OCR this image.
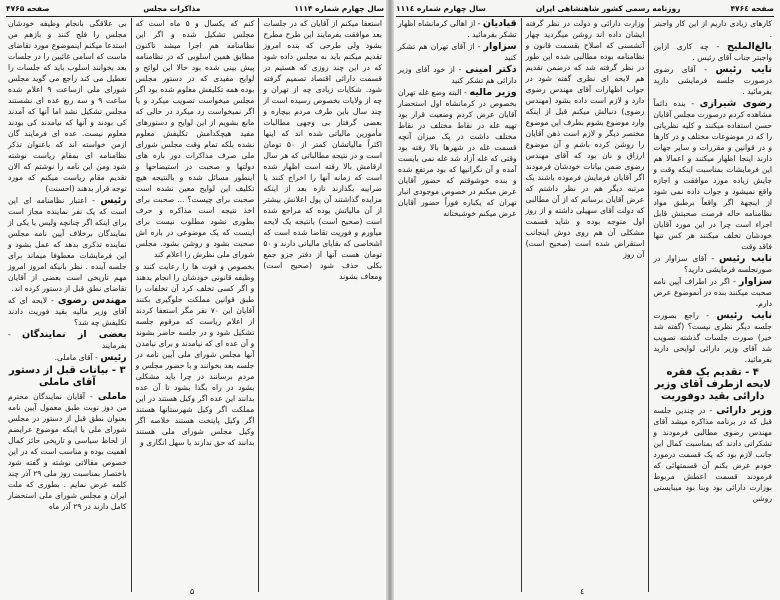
سال چهارم شماره ۱۱۱۴
مذاکرات مجلس
صفحه ۴۷۶۵

استعفا میکنم از آقایان که در جلسات بعد موافقت بفرمایند این طرح مطرح بشود ولی طرحی که بنده امروز تقدیم میکنم باید به مجلس داده شود که در این چند روزی که هستیم در قسمت دارائی اقتصاد تصمیم گرفته شود. شکایات زیادی چه از تهران و چه از ولایات بخصوص رسیده است از چند سال باین طرف مردم بیچاره و بعضی گرفتار بی وجهی مطالبات مأمورین مالیاتی شده اند که اینها اکثراً مالیاتشان کمتر از ۵۰ تومان است و در نتیجه مطالباتی که هر سال ارقامش بالا رفته است اظهار شده است که زمانه آنها را اخراج کنند یا ضرایبه بگذارند تازه بعد از اینکه مزایده گذاشتند آن پول اعلانش بیشتر از آن مالیاتش بوده که مراجع شده است (صحیح است) بانتیجه یک لایحه میآورم و فوریت تقاضا شده است که اشخاصی که بقایای مالیاتی دارند و ۵۰ تومان هست آنها از دفتر جزو جمع بکلی حذف شود (صحیح است) ومعاف بشوند

کنم که یکسال و ۵ ماه است که مجلس تشکیل شده و اگر این نظامنامه هم اجرا میشد تاکنون مطابق همین اسلوبی که در نظامنامه پیش بینی شده بود حالا این لوائح و لوایح مفیدی که در دستور مجلس بوده همه تکلیفش معلوم شده بود اگر مجلس میخواست تصویب میکرد و یا اگر نمیخواست رد میکرد در حالی که مانع بشویم از این لوایح و دستورهای مفید هیچکدامش تکلیفش معلوم نشده بلکه تمام وقت مجلس شورای ملی صرف مذاکرات دور باره های دولتها و صحبت در استیضاحها و اینطور مسائل شده و بالنتیجه هیچ تکلیف این لوایح معین نشده است صحبت برای چیست؟ ... صحبت برای اخذ نتیجه است مذاکره و حرف بطوری نشود مطلوب نیست برای اینست که یک موضوعی در باره اش صحبت بشود و روشن بشود. مجلس شورای ملی نظرش را اعلام کند

بخصوص و قوت ها را رعایت کنند و وظیفه قانونی خودشان را انجام بدهند و اگر کسی تخلف کرد آن تخلفات را طبق قوانین مملکت جلوگیری بکنند آقایان این ۷۰ نفر مگر استعفا کردند از اعلام ریاست که مرقوم جلسه تشکیل شود و در جلسه حاضر بشوند و آن عده ای که نیامدند و برای نیامدن آنها مجلس شورای ملی آیین نامه در جلسه بعد بخوانند و با حضور مجلس و مردم برسانند در چرا باید مشکلی بشود در راه بگذا بشود تا آن عده بدانند این عده اگر وکیل هستند در این مملکت اگر وکیل شهرستانها هستند اگر وکیل پایتخت هستند خلاصه اگر وکیل مجلس شورای ملی هستند بدانند که حق ندارند با سهل انگاری و

بی علاقگی بانجام وظیفه خودشان مجلس را فلج کنند و بازهم من استدعا میکنم اینموضوع مورد تقاضای ماست که اسامی غائبین را در جلسات بعد بخوانند اسلوب باید که جلسات را تعطیل می کند راجع می گوید مجلس شورای ملی ازساعت ۹ اعلام شده ساعت ۹ و سه ربع عده ای نشستند مجلس تشکیل نشد اما آنها که آمدند کی بودند و آنها که نیامدند کی بودند معلوم نیست. عده ای فرمایند گان ازمن خواسته اند که باعنوان تذکر نظامنامه ای بمقام ریاست نوشته شود ومن این نامه را نوشتم که الان تقدیم مقام ریاست میکنم که مورد توجه قرار بدهند (احسنت)

رئیس - اعتبار نظامنامه ای این است که یک نفر نماینده مجاز است برای اینکه اگر چنانچه ولیس یا یکی از نمایندگان برخلاف آیین نامه مجلس نماینده تذکری بدهد که عمل بشود و این فرمایشات معطوفا میماند برای جلسه آینده . نظر بانیکه امروز امروز مهم تاریخی است بعضی از آقایان تقاضای نطق قبل از دستور کرده اند.

مهندس رضوی - لایحه ای که آقای وزیر مالیه بقید فوریت دادند تکلیفش چه شد؟

بعضی از نمایندگان - بفرمایند

رئیس - آقای ماملی.

۳ - بیانات قبل از دستور آقای ماملی

ماملی - آقایان نمایندگان محترم من دوز نوبت طبق معمول آیین نامه بعنوان نطق قبل از دستور در مجلس شورای ملی با اینکه موضوع عرایضم از لحاظ سیاسی و تاریخی حائز کمال اهمیت بوده و مناسب است که در این خصوص مقالاتی نوشته و گفته شود باختصار بمناسبت روز ملی ۲۹ آذر چند کلمه عرض نمایم . بطوری که ملت ایران و مجلس شورای ملی استحضار کامل دارند در ۲۹ آذر ماه

۵
صفحه ۴۷۶٤
روزنامه رسمی کشور شاهنشاهی ایران
سال چهارم شماره ۱۱۱٤

کارهای زیادی داریم از این کار واجبتر .

بالغ‌الملیح - چه کاری ازاین واجبتر جناب آقای رئیس .

نایب رئیس - آقای رضوی درصورت جلسه فرمایشی دارید بفرمائید .

رضوی شیرازی - بنده دائماً مشاهده کردم درصورت مجلس آقایان حسن استفاده میکنند و کلیه نظریاتی را که در موضوعات مختلف و در کارها و در قوانین و مقررات و سایر جهات دارند اینجا اظهار میکنند و اعمالا هم این فرمایشات بمناسبت اینکه وقت و جایش زیاده مورد موافقت و اجازه واقع نمیشود و جواب داده نمی شود از اینجهة اگر واقعاً برطبق مواد نظامنامه حاله فرصت صحبتش قابل اجراء است چرا در این مورد آقایان خودشان تخلف میکنند هر کس تنها فاقد وقت

نایب رئیس - آقای سزاوار در صورتجلسه فرمایشی دارید؟

سزاوار - اگر در اطراف آیین نامه صحبت میکنند بنده در آنموضوع عرض دارم.

نایب رئیس - راجع بصورت جلسه دیگر نظری نیست؟ (گفته شد خیر) صورت جلسات گذشته تصویب شد آقای وزیر دارائی لوایحی دارید بفرمائید.

۴ - تقدیم یک فقره لایحه ازطرف آقای وزیر دارائی بقید دوفوریت

وزیر دارائی - در چندین جلسه قبل که در برنامه مذاکره میشد آقای مهندس رضوی مطالبی فرمودند و تشکراتی دادند که بمناسبت کمال این جانب لازم بود که یک قسمت درمورد خودم عرض بکنم آن قسمتهائی که فرمودند قسمت اعطش مربوط بوزارت دارائی بود وبنا بود میبایستی روشن

وزارت دارائی و دولت در نظر گرفته ایشان داده اند روشن میگردید چهار آتشسنی که اصلاح بقسمت قانون و نظامنامه بوده مطالبی شده این طور در نظر گرفته شد که درضمن تقدیم هم لایحه ای نظری گفته شود در جواب اظهارات آقای مهندس رضوی دارد و لازم است داده بشود (مهندس رضوی) دنبالش میکنم قبل از اینکه وارد موضوع بشوم بطرف این موضوع مختصر دیگر و لازم است ذهن آقایان را روشن کرده باشم و آن موضوع ارزاق و نان بود که آقای مهندس رضوی ضمن بیانات خودشان فرمودند اگر آقایان فرمایش فرموده باشند یک مرتبه دیگر هم در نظر داشتم که عرض آقایان برسانم که از آن مطالبی که دولت آقای سهیلی داشته و از روز اول متوجه بوده و شاید قسمت مشکلی آن هم روی دوش اینجانب استقراض شده است (صحیح است) آن روز

قیادیان - از اهالی کرمانشاه اظهار تشکر بفرمائید .

سزاوار - از آقای تهران هم تشکر کنید

دکتر امینی - از خود آقای وزیر دارائی هم تشکر کنید

وزیر مالیه - البته وضع غله تهران بخصوص در کرمانشاه اول استحضار آقایان عرض کردم وضعیت قرار بود تهیه غله در نقاط مختلف در نقاط مختلف داشت در یک میزان آنچه قسمت غله در شهرها بالا رفته بود وقتی که غله آزاد شد غله نمی بایست آمده و آن نگرانیها که بود مرتفع شده و بنده خوشوقتم که حضور آقایان عرض میکنم در خصوص موجودی انبار تهران که یکباره فوراً حضور آقایان عرض میکنم خوشبختانه

٤
